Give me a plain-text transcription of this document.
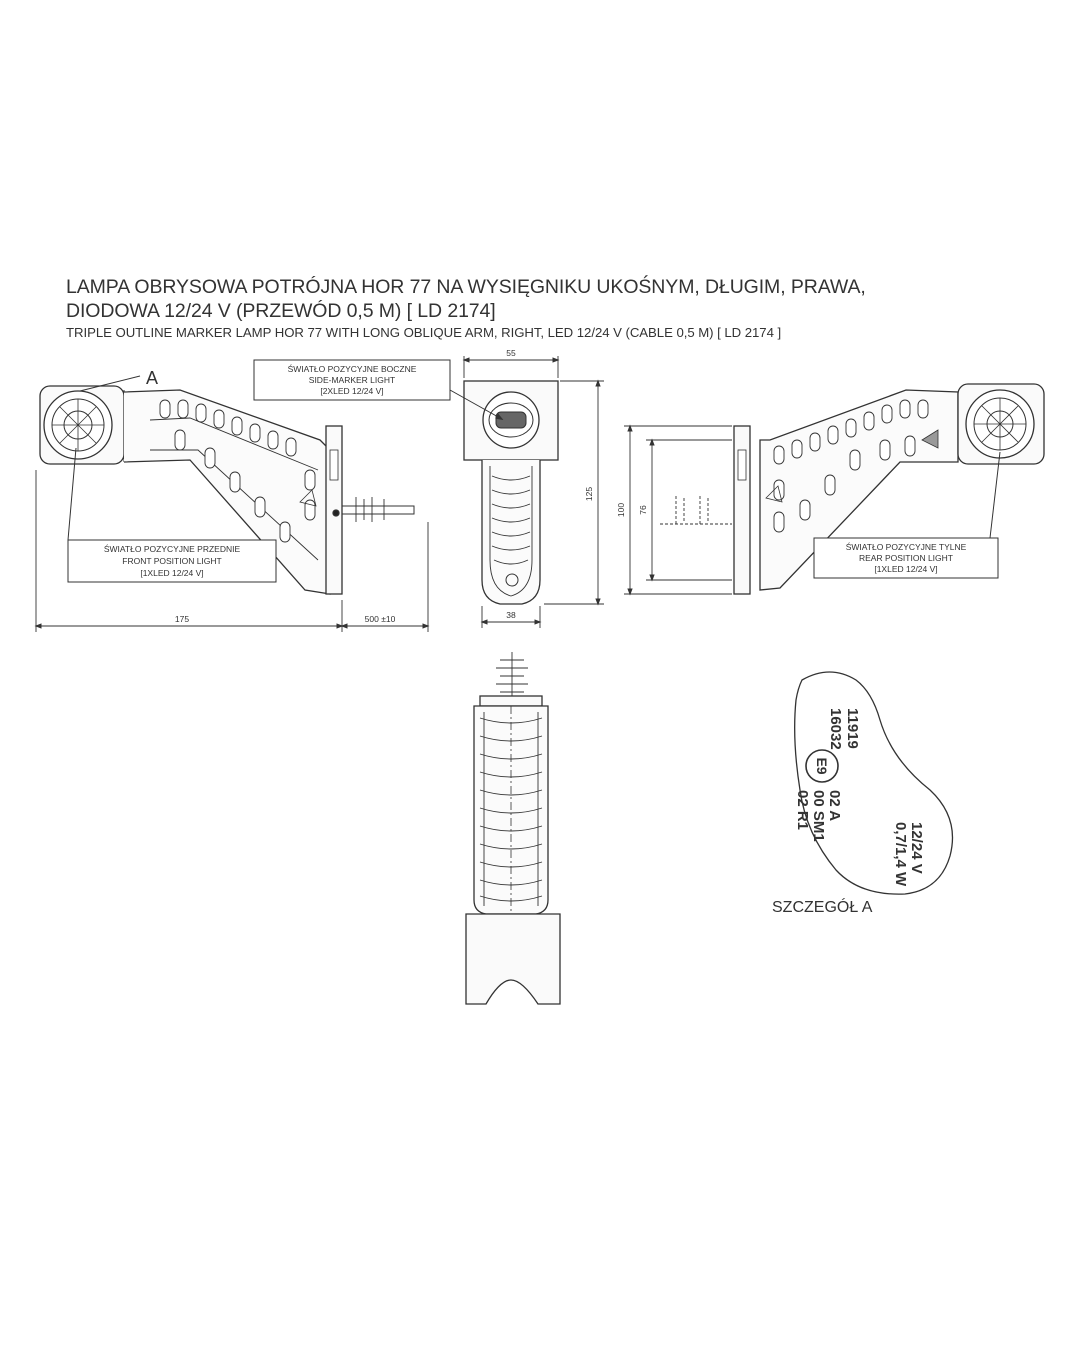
LAMPA OBRYSOWA POTRÓJNA HOR 77 NA WYSIĘGNIKU UKOŚNYM, DŁUGIM, PRAWA,
DIODOWA 12/24 V (PRZEWÓD 0,5 M) [ LD 2174]
TRIPLE OUTLINE MARKER LAMP HOR 77 WITH LONG OBLIQUE ARM, RIGHT, LED 12/24 V (CABLE 0,5 M) [ LD 2174 ]
A
ŚWIATŁO POZYCYJNE PRZEDNIE
FRONT POSITION LIGHT
[1XLED 12/24 V]
175	500 ±10
ŚWIATŁO POZYCYJNE BOCZNE
SIDE-MARKER LIGHT
[2XLED 12/24 V]
55
125
38
ŚWIATŁO POZYCYJNE TYLNE
REAR POSITION LIGHT
[1XLED 12/24 V]
100 76
11919
16032
E9
02 A
00 SM1
02 R1
12/24 V
0,7/1,4 W
SZCZEGÓŁ A
